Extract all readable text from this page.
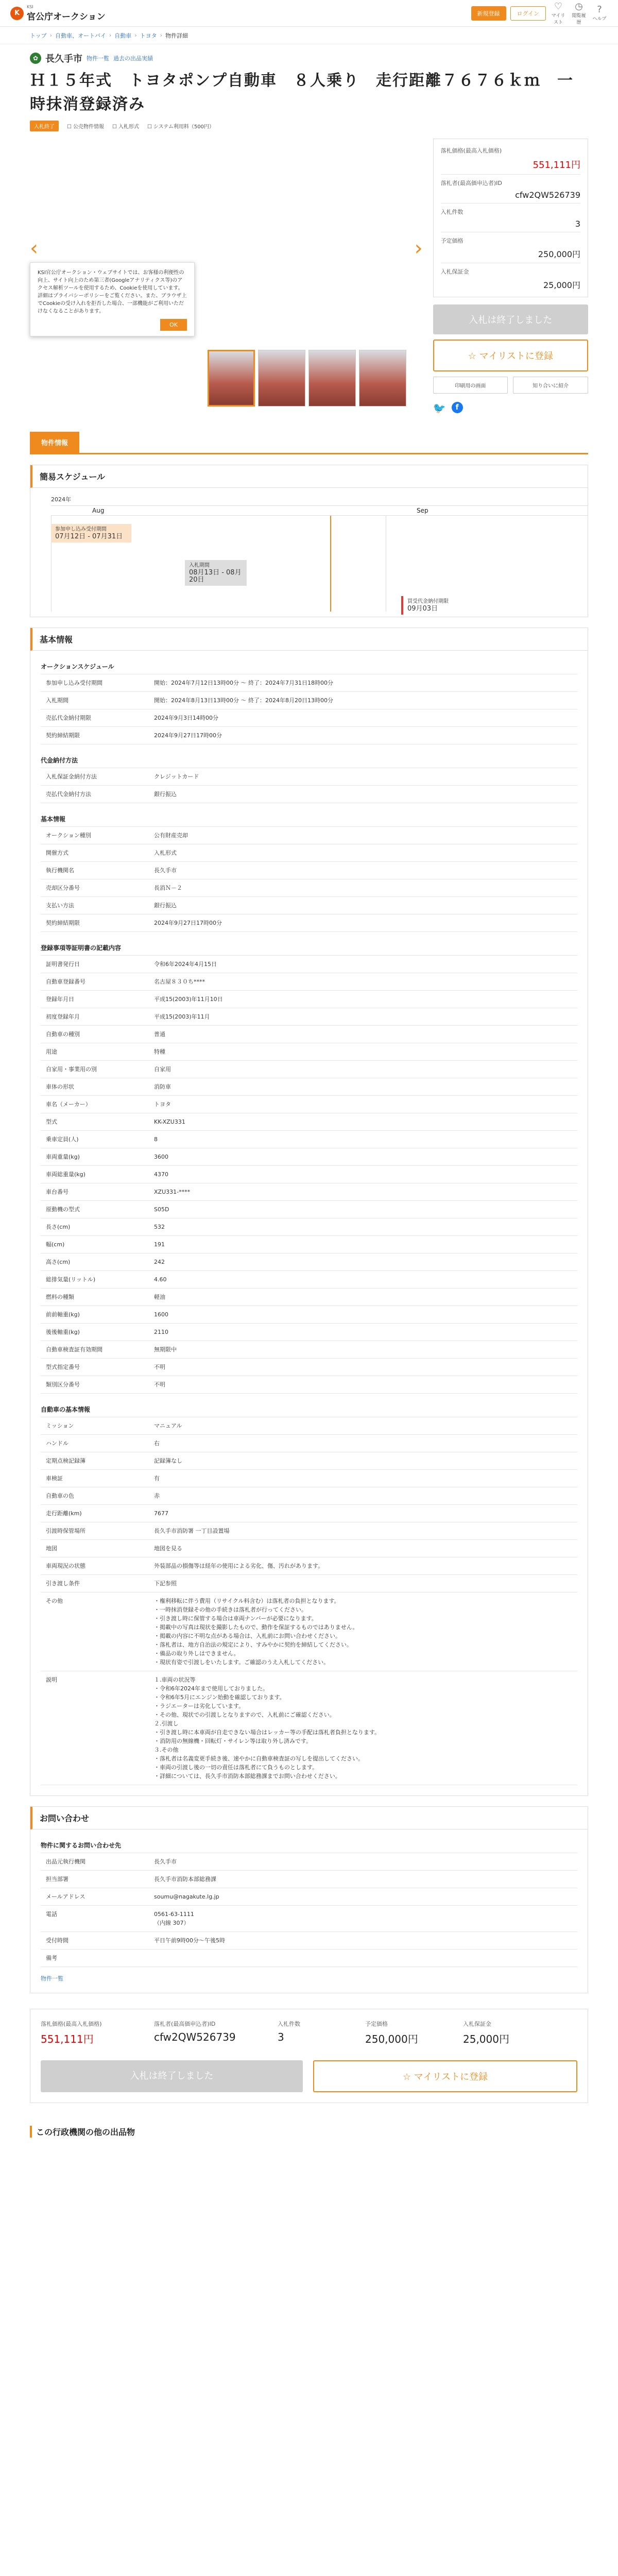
K
KSI
官公庁オークション	新規登録	ログイン
♡
マイリスト
◷
閲覧履歴
?
ヘルプ
トップ › 自動車、オートバイ › 自動車 › トヨタ › 物件詳細
✿ 長久手市 物件一覧 過去の出品実績
Ｈ１５年式　トヨタポンプ自動車　８人乗り　走行距離７６７６ｋｍ　一時抹消登録済み
入札終了	☐ 公売物件情報	☐ 入札形式	☐ システム利用料（500円）
‹	›

KSI官公庁オークション・ウェブサイトでは、お客様の利便性の向上、サイト向上のため第三者(Googleアナリティクス等)のアクセス解析ツールを使用するため、Cookieを使用しています。詳細はプライバシーポリシーをご覧ください。また、ブラウザ上でCookieの受け入れを拒否した場合、一部機能がご利用いただけなくなることがあります。

OK
落札価格(最高入札価格)
551,111円
落札者(最高価申込者)ID
cfw2QW526739
入札件数
3
予定価格
250,000円
入札保証金
25,000円
入札は終了しました
☆ マイリストに登録
印刷用の画面	知り合いに紹介
🐦	f
物件情報
簡易スケジュール
2024年
Aug	Sep
参加申し込み受付期間
07月12日 - 07月31日
入札期間
08月13日 - 08月20日
買受代金納付期限
09月03日
基本情報
オークションスケジュール
参加申し込み受付期間	開始：2024年7月12日13時00分 ～ 終了：2024年7月31日18時00分
入札期間	開始：2024年8月13日13時00分 ～ 終了：2024年8月20日13時00分
売払代金納付期限	2024年9月3日14時00分
契約締結期限	2024年9月27日17時00分
代金納付方法
入札保証金納付方法	クレジットカード
売払代金納付方法	銀行振込
基本情報
オークション種別	公有財産売却
開催方式	入札形式
執行機関名	長久手市
売却区分番号	長消Ｎ－２
支払い方法	銀行振込
契約締結期限	2024年9月27日17時00分
登録事項等証明書の記載内容
証明書発行日	令和6年2024年4月15日
自動車登録番号	名古屋８３０ち****
登録年月日	平成15(2003)年11月10日
初度登録年月	平成15(2003)年11月
自動車の種別	普通
用途	特種
自家用・事業用の別	自家用
車体の形状	消防車
車名（メーカー）	トヨタ
型式	KK-XZU331
乗車定員(人)	8
車両重量(kg)	3600
車両総重量(kg)	4370
車台番号	XZU331-****
原動機の型式	S05D
長さ(cm)	532
幅(cm)	191
高さ(cm)	242
総排気量(リットル)	4.60
燃料の種類	軽油
前前軸重(kg)	1600
後後軸重(kg)	2110
自動車検査証有効期間	無期限中
型式指定番号	不明
類別区分番号	不明
自動車の基本情報
ミッション	マニュアル
ハンドル	右
定期点検記録簿	記録簿なし
車検証	有
自動車の色	赤
走行距離(km)	7677
引渡時保管場所	長久手市消防署 一丁目設置場
地図	地図を見る
車両現況の状態	外装部品の損傷等は経年の使用による劣化、傷、汚れがあります。
引き渡し条件	下記参照
その他	・権利移転に伴う費用（リサイクル料含む）は落札者の負担となります。
・一時抹消登録その他の手続きは落札者が行ってください。
・引き渡し時に保管する場合は車両ナンバーが必要になります。
・掲載中の写真は現状を撮影したもので、動作を保証するものではありません。
・掲載の内容に不明な点がある場合は、入札前にお問い合わせください。
・落札者は、地方自治法の規定により、すみやかに契約を締結してください。
・備品の取り外しはできません。
・現状有姿で引渡しをいたします。ご確認のうえ入札してください。
説明	１.車両の状況等
・令和6年2024年まで使用しておりました。
・令和6年5月にエンジン始動を確認しております。
・ラジエーターは劣化しています。
・その他、現状での引渡しとなりますので、入札前にご確認ください。
２.引渡し
・引き渡し時に本車両が自走できない場合はレッカー等の手配は落札者負担となります。
・消防用の無線機・回転灯・サイレン等は取り外し済みです。
３.その他
・落札者は名義変更手続き後、速やかに自動車検査証の写しを提出してください。
・車両の引渡し後の一切の責任は落札者にて負うものとします。
・詳細については、長久手市消防本部総務課までお問い合わせください。
お問い合わせ
物件に関するお問い合わせ先
出品元執行機関	長久手市
担当部署	長久手市消防本部総務課
メールアドレス	soumu@nagakute.lg.jp
電話	0561-63-1111
（内線 307）
受付時間	平日午前9時00分～午後5時
備考

物件一覧

落札価格(最高入札価格)
551,111円
落札者(最高価申込者)ID
cfw2QW526739
入札件数
3
予定価格
250,000円
入札保証金
25,000円
入札は終了しました	☆ マイリストに登録
この行政機関の他の出品物
